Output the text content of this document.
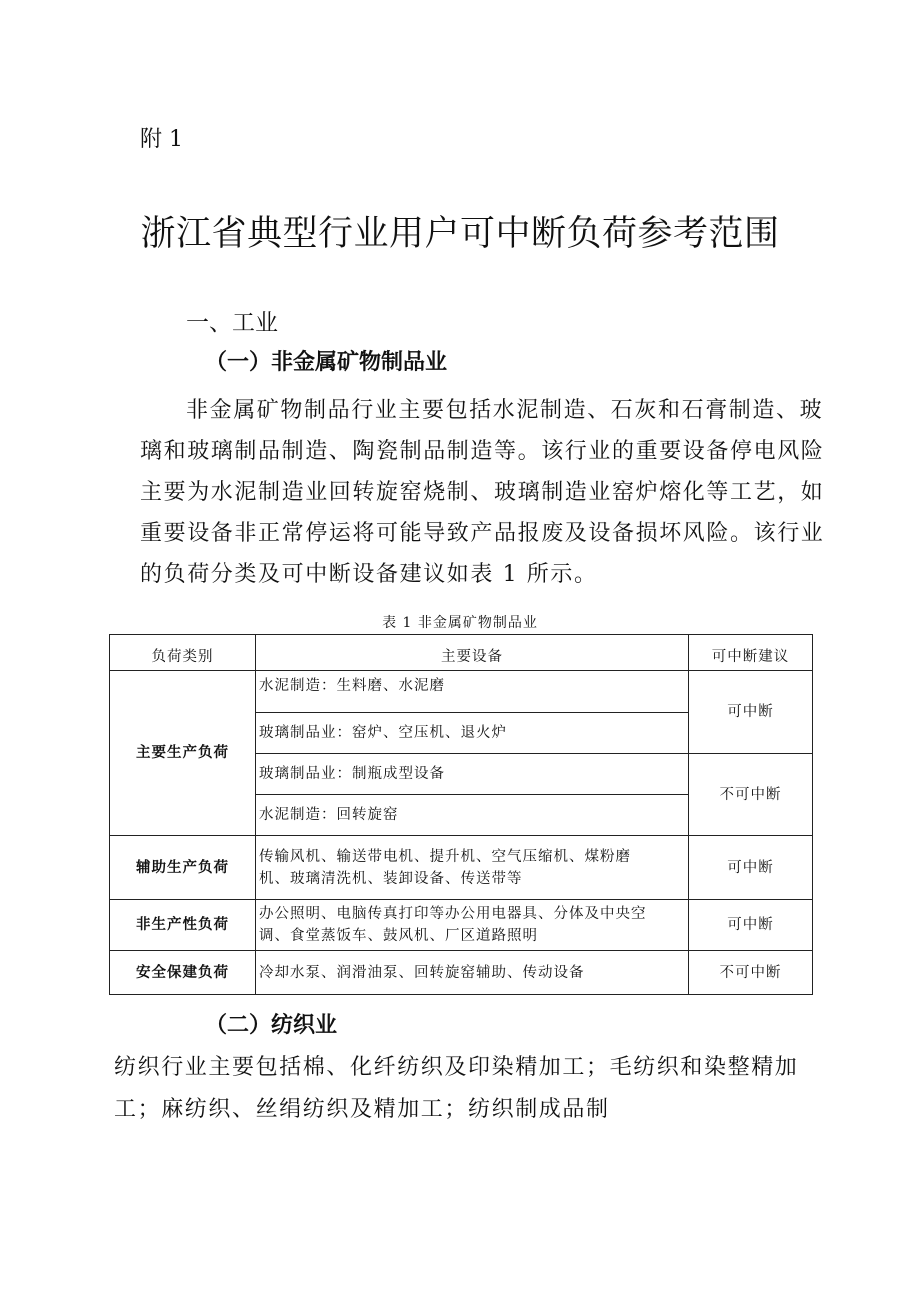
附 1
浙江省典型行业用户可中断负荷参考范围
一、工业
（一）非金属矿物制品业
非金属矿物制品行业主要包括水泥制造、石灰和石膏制造、玻
璃和玻璃制品制造、陶瓷制品制造等。该行业的重要设备停电风险
主要为水泥制造业回转旋窑烧制、玻璃制造业窑炉熔化等工艺，如
重要设备非正常停运将可能导致产品报废及设备损坏风险。该行业
的负荷分类及可中断设备建议如表 1 所示。
表 1 非金属矿物制品业
负荷类别	主要设备	可中断建议
主要生产负荷	水泥制造：生料磨、水泥磨	可中断
	玻璃制品业：窑炉、空压机、退火炉	
	玻璃制品业：制瓶成型设备	不可中断
	水泥制造：回转旋窑	
辅助生产负荷	传输风机、输送带电机、提升机、空气压缩机、煤粉磨
机、玻璃清洗机、装卸设备、传送带等	可中断
非生产性负荷	办公照明、电脑传真打印等办公用电器具、分体及中央空
调、食堂蒸饭车、鼓风机、厂区道路照明	可中断
安全保建负荷	冷却水泵、润滑油泵、回转旋窑辅助、传动设备	不可中断
（二）纺织业
纺织行业主要包括棉、化纤纺织及印染精加工；毛纺织和染整精加
工；麻纺织、丝绢纺织及精加工；纺织制成品制
